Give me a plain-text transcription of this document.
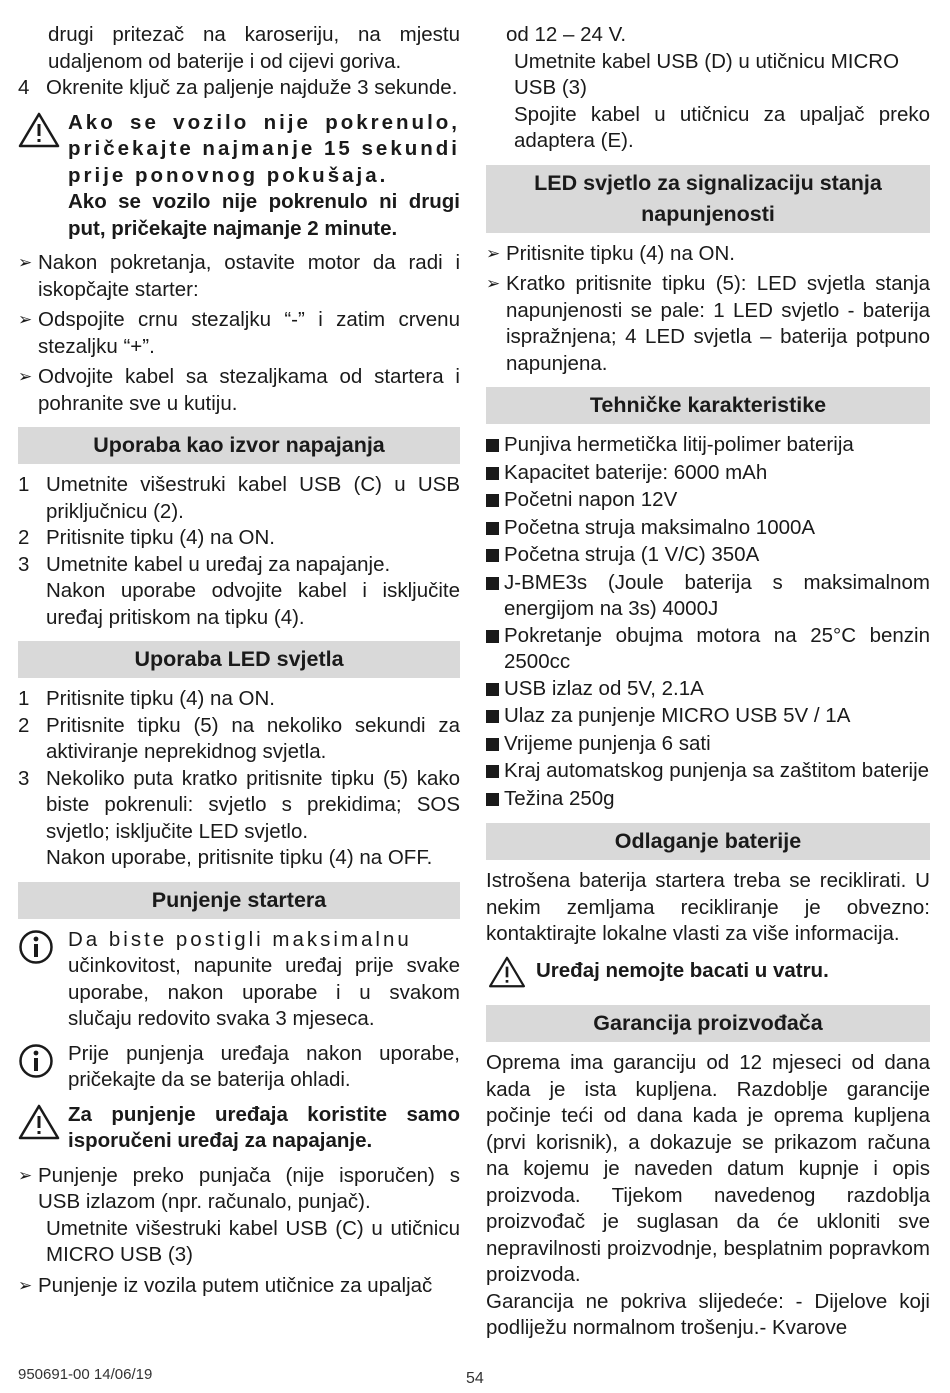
drugi pritezač na karoseriju, na mjestu udaljenom od baterije i od cijevi goriva.

4 Okrenite ključ za paljenje najduže 3 sekunde.

Ako se vozilo nije pokrenulo, pričekajte najmanje 15 sekundi prije ponovnog pokušaja.

Ako se vozilo nije pokrenulo ni drugi put, pričekajte najmanje 2 minute.

➢ Nakon pokretanja, ostavite motor da radi i iskopčajte starter:
➢ Odspojite crnu stezaljku “-” i zatim crvenu stezaljku “+”.
➢ Odvojite kabel sa stezaljkama od startera i pohranite sve u kutiju.
Uporaba kao izvor napajanja
1 Umetnite višestruki kabel USB (C) u USB priključnicu (2).
2 Pritisnite tipku (4) na ON.
3 Umetnite kabel u uređaj za napajanje.

Nakon uporabe odvojite kabel i isključite uređaj pritiskom na tipku (4).

Uporaba LED svjetla
1 Pritisnite tipku (4) na ON.
2 Pritisnite tipku (5) na nekoliko sekundi za aktiviranje neprekidnog svjetla.
3 Nekoliko puta kratko pritisnite tipku (5) kako biste pokrenuli: svjetlo s prekidima; SOS svjetlo; isključite LED svjetlo.

Nakon uporabe, pritisnite tipku (4) na OFF.

Punjenje startera

Da biste postigli maksimalnu

učinkovitost, napunite uređaj prije svake uporabe, nakon uporabe i u svakom slučaju redovito svaka 3 mjeseca.

Prije punjenja uređaja nakon uporabe, pričekajte da se baterija ohladi.

Za punjenje uređaja koristite samo isporučeni uređaj za napajanje.

➢ Punjenje preko punjača (nije isporučen) s USB izlazom (npr. računalo, punjač).

Umetnite višestruki kabel USB (C) u utičnicu MICRO USB (3)

➢ Punjenje iz vozila putem utičnice za upaljač

od 12 – 24 V.

Umetnite kabel USB (D) u utičnicu MICRO USB (3)

Spojite kabel u utičnicu za upaljač preko adaptera (E).

LED svjetlo za signalizaciju stanja napunjenosti
➢ Pritisnite tipku (4) na ON.
➢ Kratko pritisnite tipku (5): LED svjetla stanja napunjenosti se pale: 1 LED svjetlo - baterija ispražnjena; 4 LED svjetla – baterija potpuno napunjena.
Tehničke karakteristike
Punjiva hermetička litij-polimer baterija
Kapacitet baterije: 6000 mAh
Početni napon 12V
Početna struja maksimalno 1000A
Početna struja (1 V/C) 350A
J-BME3s (Joule baterija s maksimalnom energijom na 3s) 4000J
Pokretanje obujma motora na 25°C benzin 2500cc
USB izlaz od 5V, 2.1A
Ulaz za punjenje MICRO USB 5V / 1A
Vrijeme punjenja 6 sati
Kraj automatskog punjenja sa zaštitom baterije
Težina 250g
Odlaganje baterije

Istrošena baterija startera treba se reciklirati. U nekim zemljama recikliranje je obvezno: kontaktirajte lokalne vlasti za više informacija.

Uređaj nemojte bacati u vatru.

Garancija proizvođača

Oprema ima garanciju od 12 mjeseci od dana kada je ista kupljena. Razdoblje garancije počinje teći od dana kada je oprema kupljena (prvi korisnik), a dokazuje se prikazom računa na kojemu je naveden datum kupnje i opis proizvoda. Tijekom navedenog razdoblja proizvođač je suglasan da će ukloniti sve nepravilnosti proizvodnje, besplatnim popravkom proizvoda.

Garancija ne pokriva slijedeće: - Dijelove koji podliježu normalnom trošenju.- Kvarove

950691-00 14/06/19	54
